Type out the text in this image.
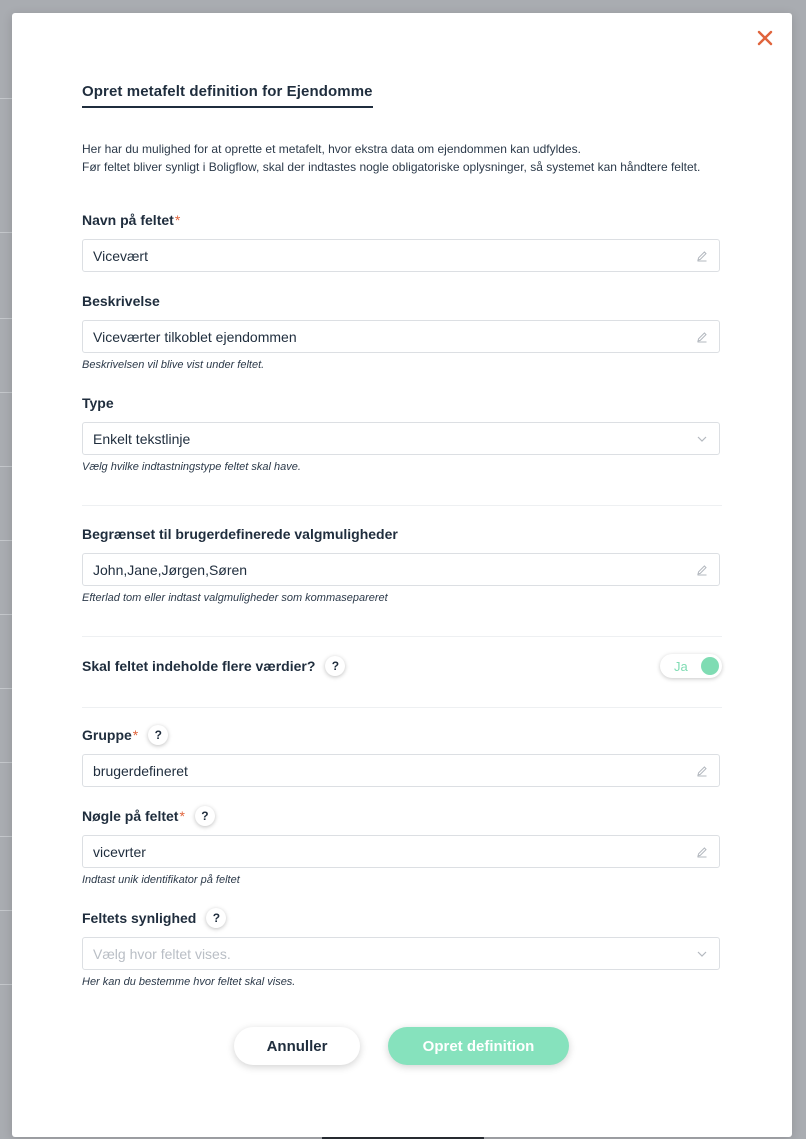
Opret metafelt definition for Ejendomme

Her har du mulighed for at oprette et metafelt, hvor ekstra data om ejendommen kan udfyldes.

Før feltet bliver synligt i Boligflow, skal der indtastes nogle obligatoriske oplysninger, så systemet kan håndtere feltet.

Navn på feltet *
Vicevært
Beskrivelse
Viceværter tilkoblet ejendommen
Beskrivelsen vil blive vist under feltet.
Type
Enkelt tekstlinje
Vælg hvilke indtastningstype feltet skal have.
Begrænset til brugerdefinerede valgmuligheder
John,Jane,Jørgen,Søren
Efterlad tom eller indtast valgmuligheder som kommasepareret
Skal feltet indeholde flere værdier?	?	Ja
Gruppe *	?
brugerdefineret
Nøgle på feltet *	?
vicevrter
Indtast unik identifikator på feltet
Feltets synlighed	?
Vælg hvor feltet vises.
Her kan du bestemme hvor feltet skal vises.
Annuller	Opret definition
